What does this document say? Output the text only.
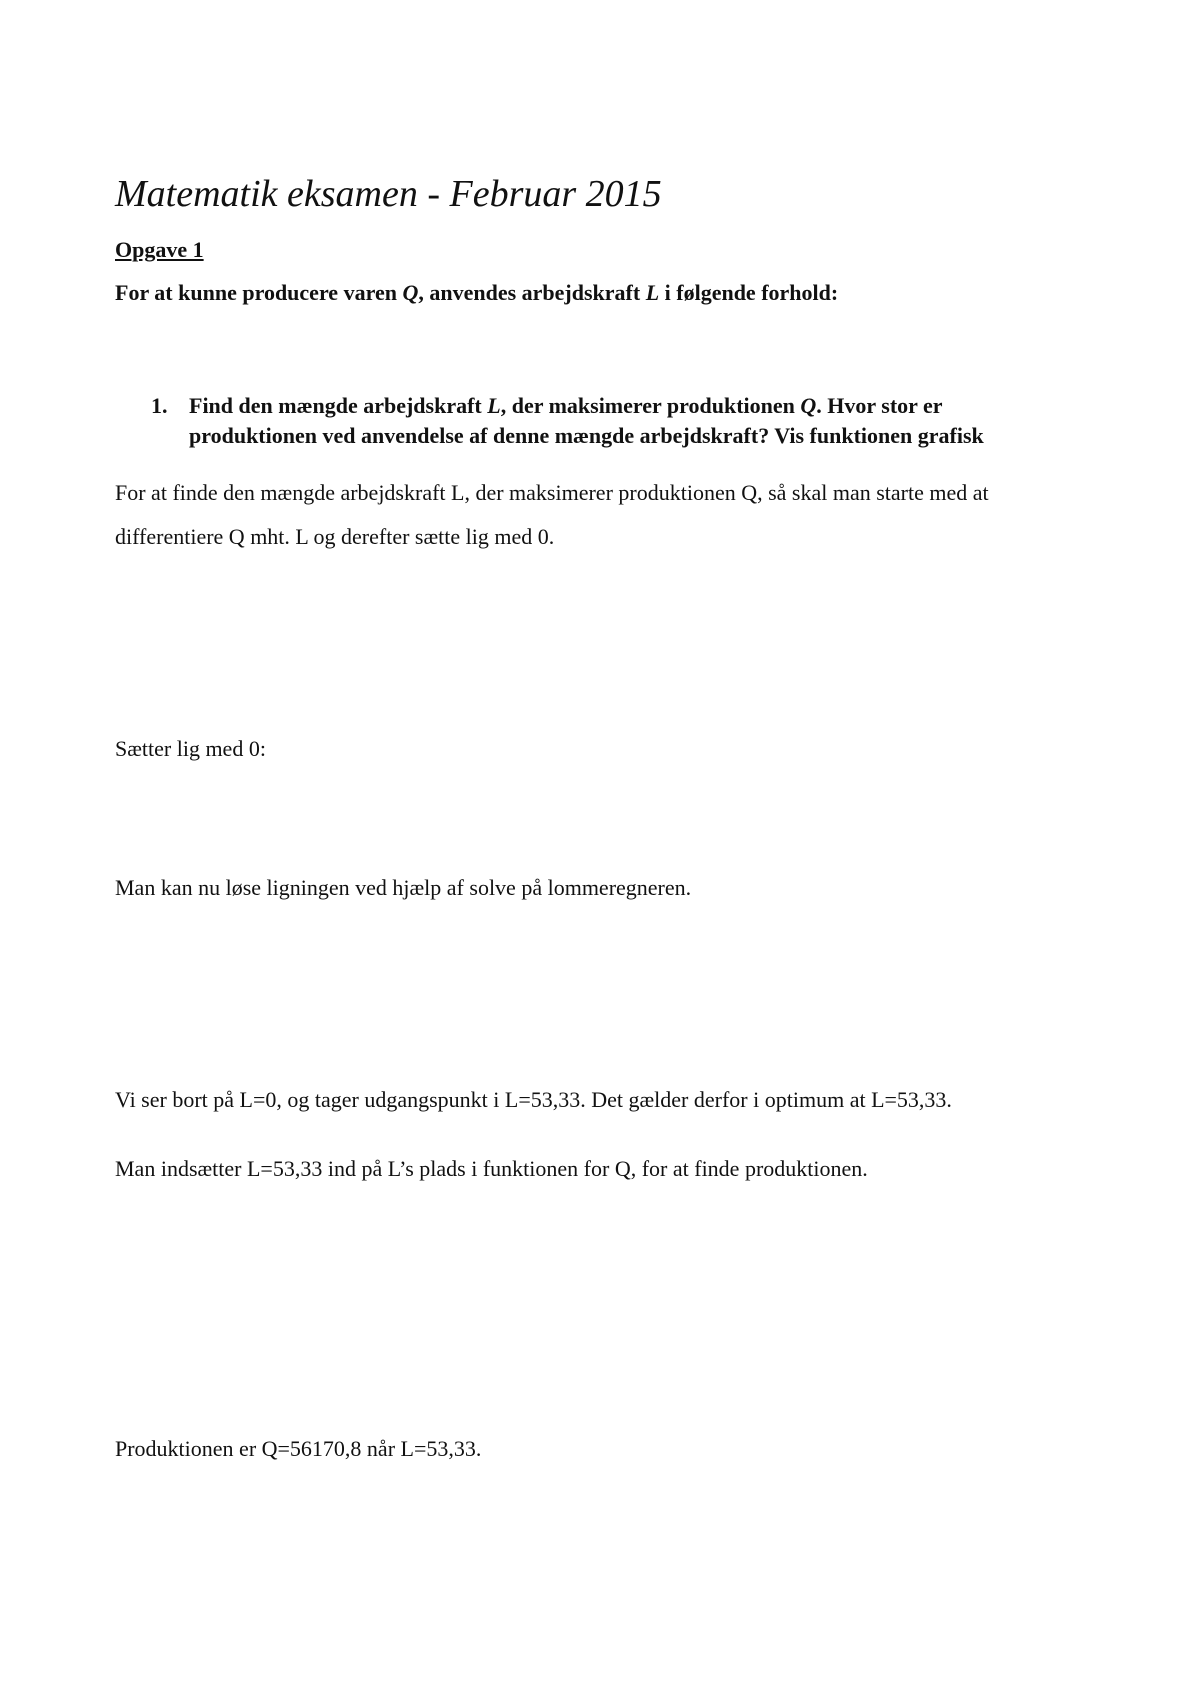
Matematik eksamen - Februar 2015
Opgave 1
For at kunne producere varen Q, anvendes arbejdskraft L i følgende forhold:
1. Find den mængde arbejdskraft L, der maksimerer produktionen Q. Hvor stor er
produktionen ved anvendelse af denne mængde arbejdskraft? Vis funktionen grafisk
For at finde den mængde arbejdskraft L, der maksimerer produktionen Q, så skal man starte med at
differentiere Q mht. L og derefter sætte lig med 0.
Sætter lig med 0:
Man kan nu løse ligningen ved hjælp af solve på lommeregneren.
Vi ser bort på L=0, og tager udgangspunkt i L=53,33. Det gælder derfor i optimum at L=53,33.
Man indsætter L=53,33 ind på L’s plads i funktionen for Q, for at finde produktionen.
Produktionen er Q=56170,8 når L=53,33.
